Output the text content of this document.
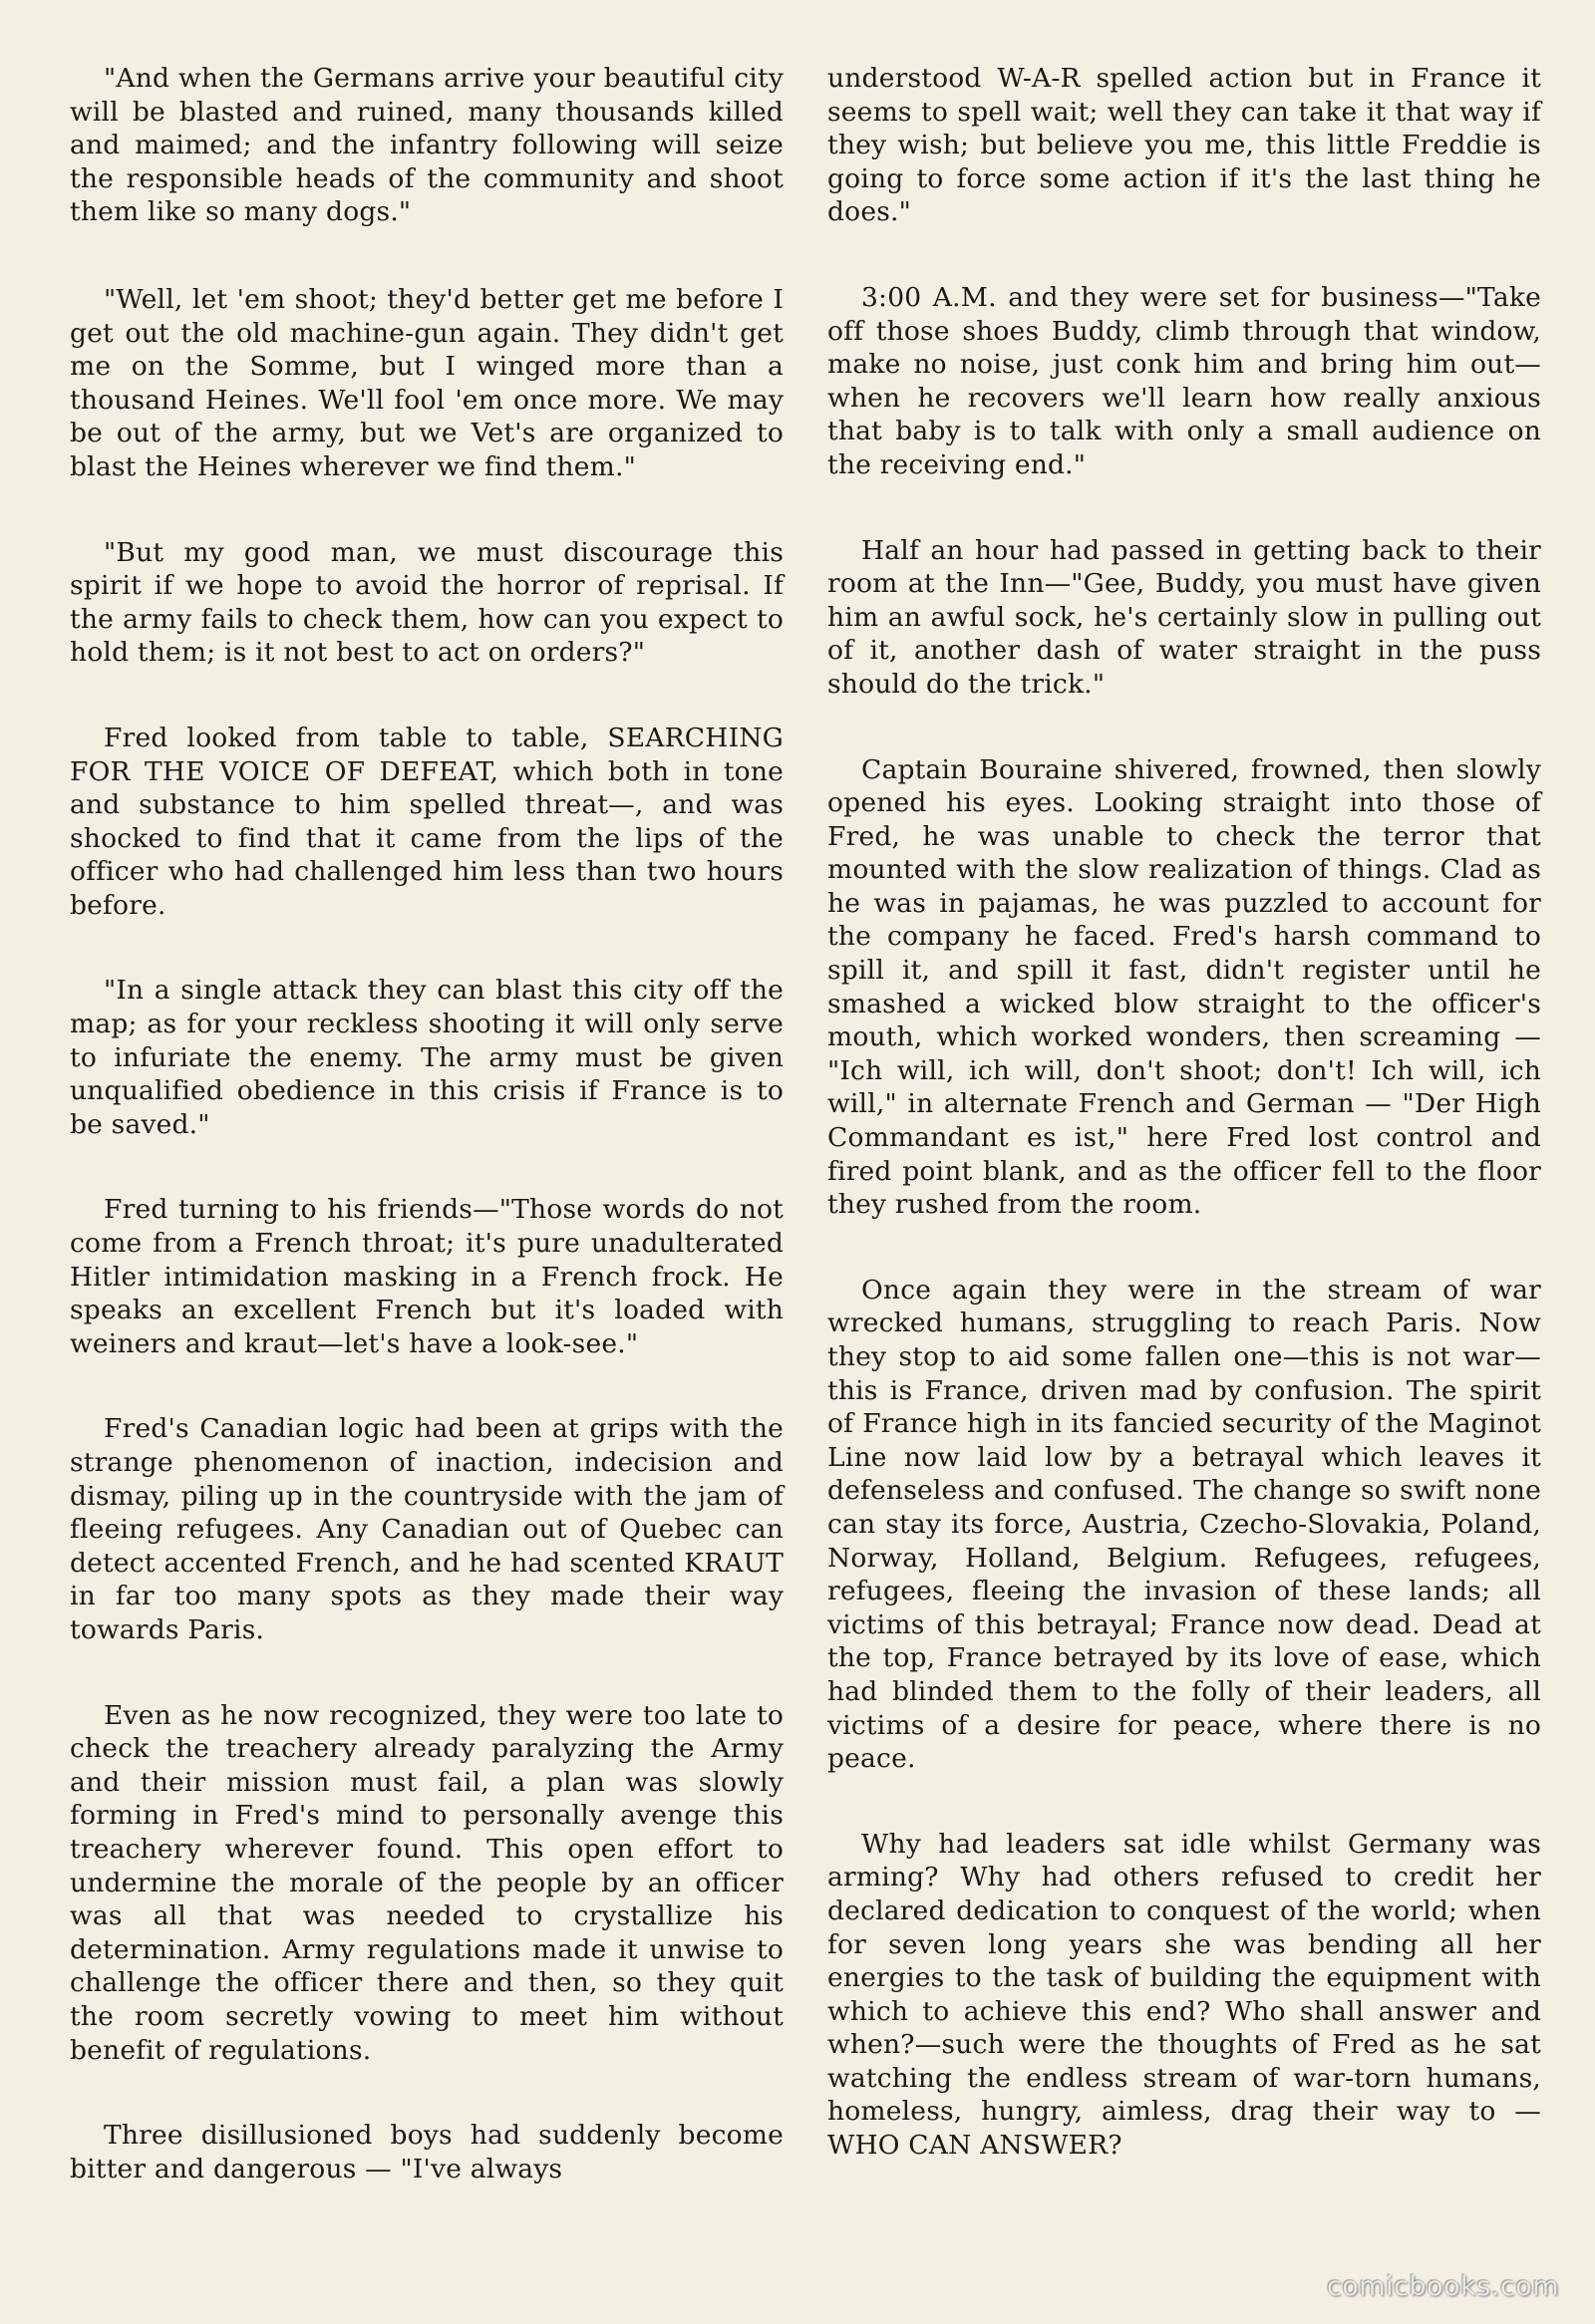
"And when the Germans arrive your beautiful city will be blasted and ruined, many thousands killed and maimed; and the infantry following will seize the responsible heads of the community and shoot them like so many dogs."

"Well, let 'em shoot; they'd better get me before I get out the old machine-gun again. They didn't get me on the Somme, but I winged more than a thousand Heines. We'll fool 'em once more. We may be out of the army, but we Vet's are organized to blast the Heines wherever we find them."

"But my good man, we must discourage this spirit if we hope to avoid the horror of reprisal. If the army fails to check them, how can you expect to hold them; is it not best to act on orders?"

Fred looked from table to table, SEARCHING FOR THE VOICE OF DEFEAT, which both in tone and substance to him spelled threat—, and was shocked to find that it came from the lips of the officer who had challenged him less than two hours before.

"In a single attack they can blast this city off the map; as for your reckless shooting it will only serve to infuriate the enemy. The army must be given unqualified obedience in this crisis if France is to be saved."

Fred turning to his friends—"Those words do not come from a French throat; it's pure unadulterated Hitler intimidation masking in a French frock. He speaks an excellent French but it's loaded with weiners and kraut—let's have a look-see."

Fred's Canadian logic had been at grips with the strange phenomenon of inaction, indecision and dismay, piling up in the countryside with the jam of fleeing refugees. Any Canadian out of Quebec can detect accented French, and he had scented KRAUT in far too many spots as they made their way towards Paris.

Even as he now recognized, they were too late to check the treachery already paralyzing the Army and their mission must fail, a plan was slowly forming in Fred's mind to personally avenge this treachery wherever found. This open effort to undermine the morale of the people by an officer was all that was needed to crystallize his determination. Army regulations made it unwise to challenge the officer there and then, so they quit the room secretly vowing to meet him without benefit of regulations.

Three disillusioned boys had suddenly become bitter and dangerous — "I've always

understood W-A-R spelled action but in France it seems to spell wait; well they can take it that way if they wish; but believe you me, this little Freddie is going to force some action if it's the last thing he does."

3:00 A.M. and they were set for business—"Take off those shoes Buddy, climb through that window, make no noise, just conk him and bring him out—when he recovers we'll learn how really anxious that baby is to talk with only a small audience on the receiving end."

Half an hour had passed in getting back to their room at the Inn—"Gee, Buddy, you must have given him an awful sock, he's certainly slow in pulling out of it, another dash of water straight in the puss should do the trick."

Captain Bouraine shivered, frowned, then slowly opened his eyes. Looking straight into those of Fred, he was unable to check the terror that mounted with the slow realization of things. Clad as he was in pajamas, he was puzzled to account for the company he faced. Fred's harsh command to spill it, and spill it fast, didn't register until he smashed a wicked blow straight to the officer's mouth, which worked wonders, then screaming — "Ich will, ich will, don't shoot; don't! Ich will, ich will," in alternate French and German — "Der High Commandant es ist," here Fred lost control and fired point blank, and as the officer fell to the floor they rushed from the room.

Once again they were in the stream of war wrecked humans, struggling to reach Paris. Now they stop to aid some fallen one—this is not war—this is France, driven mad by confusion. The spirit of France high in its fancied security of the Maginot Line now laid low by a betrayal which leaves it defenseless and confused. The change so swift none can stay its force, Austria, Czecho-Slovakia, Poland, Norway, Holland, Belgium. Refugees, refugees, refugees, fleeing the invasion of these lands; all victims of this betrayal; France now dead. Dead at the top, France betrayed by its love of ease, which had blinded them to the folly of their leaders, all victims of a desire for peace, where there is no peace.

Why had leaders sat idle whilst Germany was arming? Why had others refused to credit her declared dedication to conquest of the world; when for seven long years she was bending all her energies to the task of building the equipment with which to achieve this end? Who shall answer and when?—such were the thoughts of Fred as he sat watching the endless stream of war-torn humans, homeless, hungry, aimless, drag their way to — WHO CAN ANSWER?

comicbooks.com
